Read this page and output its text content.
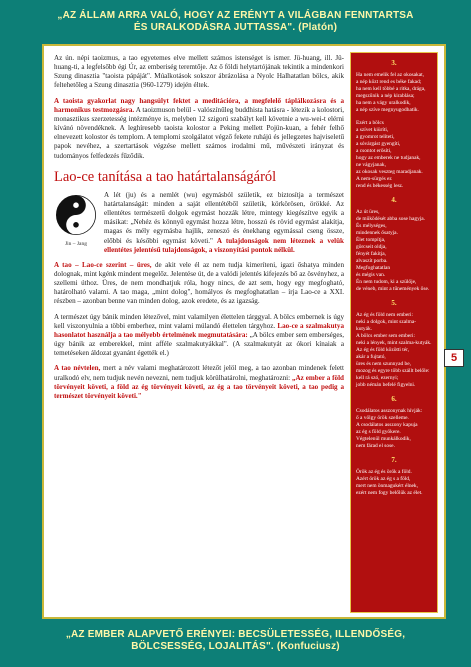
„AZ ÁLLAM ARRA VALÓ, HOGY AZ ERÉNYT A VILÁGBAN FENNTARTSA
ÉS URALKODÁSRA JUTTASSA". (Platón)

Az ún. népi taoizmus, a tao egyetemes elve mellett számos istenséget is ismer. Jü-huang, ill. Jü-huang-ti, a legfelsőbb égi Úr, az emberiség teremtője. Az ő földi helytartójának tekintik a mindenkori Szung dinasztia "taoista pápáját". Múalkotások sokszor ábrázolása a Nyolc Halhatatlan bölcs, akik feltehetőleg a Szung dinasztia (960-1279) idején éltek.

A taoista gyakorlat nagy hangsúlyt fektet a meditációra, a megfelelő táplálkozásra és a harmonikus testmozgásra. A taoizmuson belül - valószínűleg buddhista hatásra - létezik a kolostori, monasztikus szerzetesség intézménye is, melyben 12 szigorú szabályt kell követnie a wu-wei-t elérni kívánó növendéknek. A leghíresebb taoista kolostor a Peking mellett Pojün-kuan, a fehér felhő elnevezett kolostor és templom. A templomi szolgálatot végző fekete ruhájú és jellegzetes hajviseletű papok nevéhez, a szertartások végzése mellett számos irodalmi mű, művészeti irányzat és tudományos felfedezés fűződik.

Lao-ce tanítása a tao határtalanságáról
Jin – Jang

A lét (ju) és a nemlét (wu) egymásból születik, ez biztosítja a természet határtalanságát: minden a saját ellentétéből születik, körkörösen, örökké. Az ellentétes természetű dolgok egymást hozzák létre, mintegy kiegészítve egyik a másikat: „Nehéz és könnyű egymást hozza létre, hosszú és rövid egymást alakítja, magas és mély egymásba hajlik, zeneszó és énekhang egymással cseng össze, előbbi és későbbi egymást követi." A tulajdonságok nem léteznek a velük ellentétes jelentésű tulajdonságok, a viszonyítási pontok nélkül.

A tao – Lao-ce szerint – üres, de akit vele él az nem tudja kimeríteni, igazi őshatya minden dolognak, mint kgénk mindent megelőz. Jelentése út, de a valódi jelentés kifejezés bő az ösvényhez, a szellemi úthoz. Üres, de nem mondhatjuk róla, hogy nincs, de azt sem, hogy egy megfogható, határolható valami. A tao maga, „mint dolog", homályos és megfoghatatlan – írja Lao-ce a XXI. részben – azonban benne van minden dolog, azok eredete, és az igazság.

A természet úgy bánik minden létezővel, mint valamilyen élettelen tárggyal. A bölcs embernek is úgy kell viszonyulnia a többi emberhez, mint valami múlandó élettelen tárgyhoz. Lao-ce a szalmakutya hasonlatot használja a tao mélyebb értelmének megmutatására: „A bölcs ember sem emberséges, úgy bánik az emberekkel, mint afféle szalmakutyákkal". (A szalmakutyát az ókori kínaiak a temetéseken áldozat gyanánt égették el.)

A tao névtelen, mert a név valami meghatározott létezőt jelöl meg, a tao azonban mindenek felett uralkodó elv, nem tudjuk nevén nevezni, nem tudjuk körülhatárolni, meghatározni: „Az ember a föld törvényeit követi, a föld az ég törvényeit követi, az ég a tao törvényeit követi, a tao pedig a természet törvényeit követi."

3.
Ha nem emelik fel az okosakat,
a nép közt rend es béke fakad;
ha nem kell többé a ritka, drága,
megszűnik a nép kirablása;
ha nem a vágy uralkodik,
a nép szíve megnyugodhatik.
Ezért a bölcs
a szívet kiüríti,
a gyomrot telíteti,
a sóvárgást gyengíti,
a csontot erősíti,
hogy az emberek ne tudjanak,
ne vágyjanak,
az okosak veszteg maradjanak.
A nem-sürgés ez
rend és békesség lesz.
4.
Az út üres,
de működését abba sose hagyja.
És mélységes,
mindennek ősatyja.
Élet tompítja,
görcseit oldja,
fényét fakítja,
alvaszít porba.
Megfoghatatlan
és mégis van.
Én nem tudom, ki a szülője,
de véneb, mint a tűnemények őse.
5.
Az ég és föld nem emberi:
neki a dolgok, mint szalma-kutyák.
A bölcs ember sem emberi:
neki a lények, mint szalma-kutyák.
Az ég és föld közötti tér,
akár a fujtató,
üres és nem szunnyad be,
mozog és egyre több szállt belőle:
kell rá szó, ezernyi;
jobb némán befelé figyelni.
6.
Csodálatos asszonynak hívják:
ő a völgy örök szelleme.
A csodálatos asszony kapuja
az ég s föld gyökere.
Végtelenül munkálkodik,
nem fárad el sose.
7.
Örök az ég és örök a föld.
Azért örök az ég s a föld,
mert nem önmagukért élnek,
ezért nem fogy belőlük az élet.
5
„AZ EMBER ALAPVETŐ ERÉNYEI: BECSÜLETESSÉG, ILLENDŐSÉG,
BÖLCSESSÉG, LOJALITÁS". (Konfuciusz)
